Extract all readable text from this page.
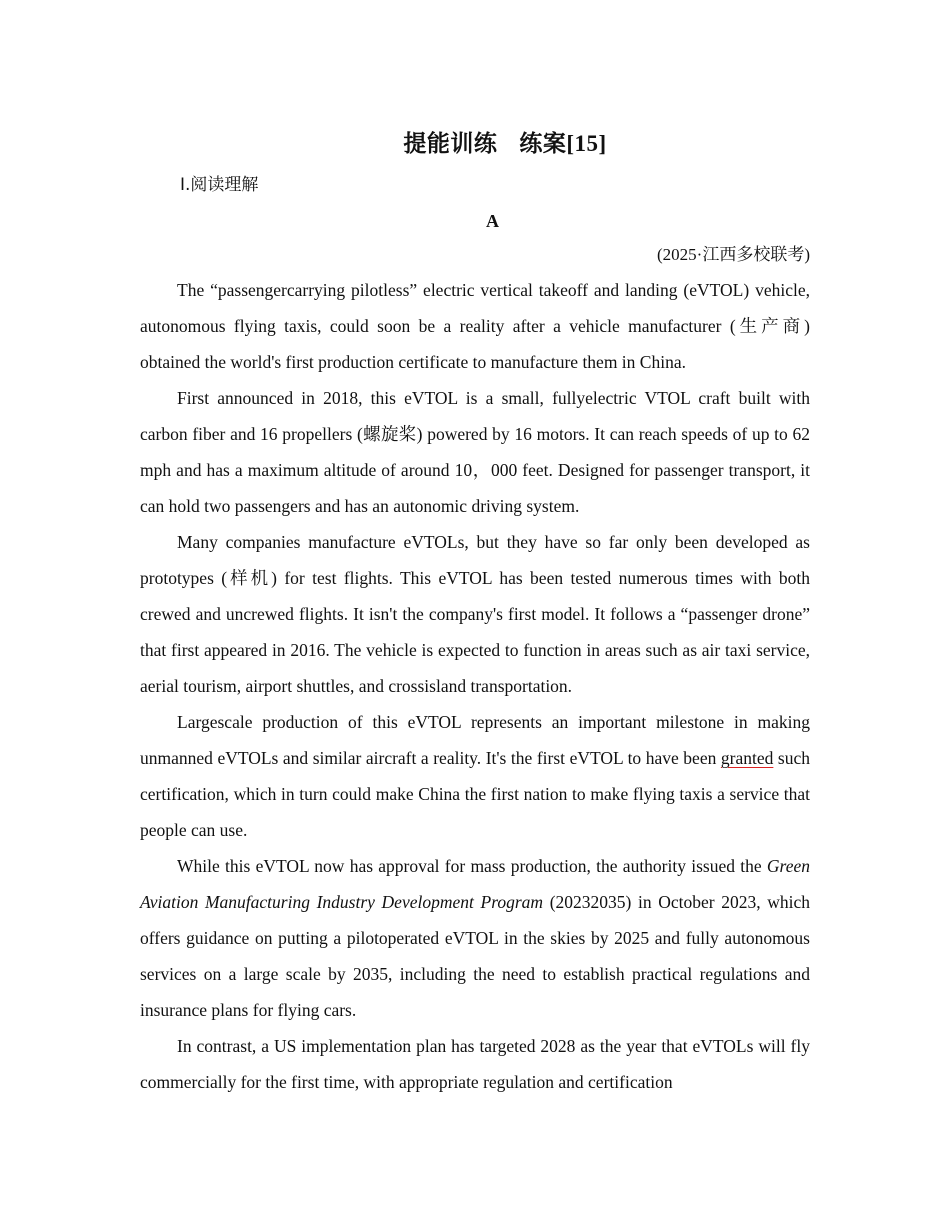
提能训练 练案[15]
Ⅰ.阅读理解
A
(2025·江西多校联考)

The “passengercarrying pilotless” electric vertical takeoff and landing (eVTOL) vehicle, autonomous flying taxis, could soon be a reality after a vehicle manufacturer (生产商) obtained the world's first production certificate to manufacture them in China.

First announced in 2018, this eVTOL is a small, fullyelectric VTOL craft built with carbon fiber and 16 propellers (螺旋桨) powered by 16 motors. It can reach speeds of up to 62 mph and has a maximum altitude of around 10，000 feet. Designed for passenger transport, it can hold two passengers and has an autonomic driving system.

Many companies manufacture eVTOLs, but they have so far only been developed as prototypes (样机) for test flights. This eVTOL has been tested numerous times with both crewed and uncrewed flights. It isn't the company's first model. It follows a “passenger drone” that first appeared in 2016. The vehicle is expected to function in areas such as air taxi service, aerial tourism, airport shuttles, and crossisland transportation.

Largescale production of this eVTOL represents an important milestone in making unmanned eVTOLs and similar aircraft a reality. It's the first eVTOL to have been granted such certification, which in turn could make China the first nation to make flying taxis a service that people can use.

While this eVTOL now has approval for mass production, the authority issued the Green Aviation Manufacturing Industry Development Program (20232035) in October 2023, which offers guidance on putting a pilotoperated eVTOL in the skies by 2025 and fully autonomous services on a large scale by 2035, including the need to establish practical regulations and insurance plans for flying cars.

In contrast, a US implementation plan has targeted 2028 as the year that eVTOLs will fly commercially for the first time, with appropriate regulation and certification
